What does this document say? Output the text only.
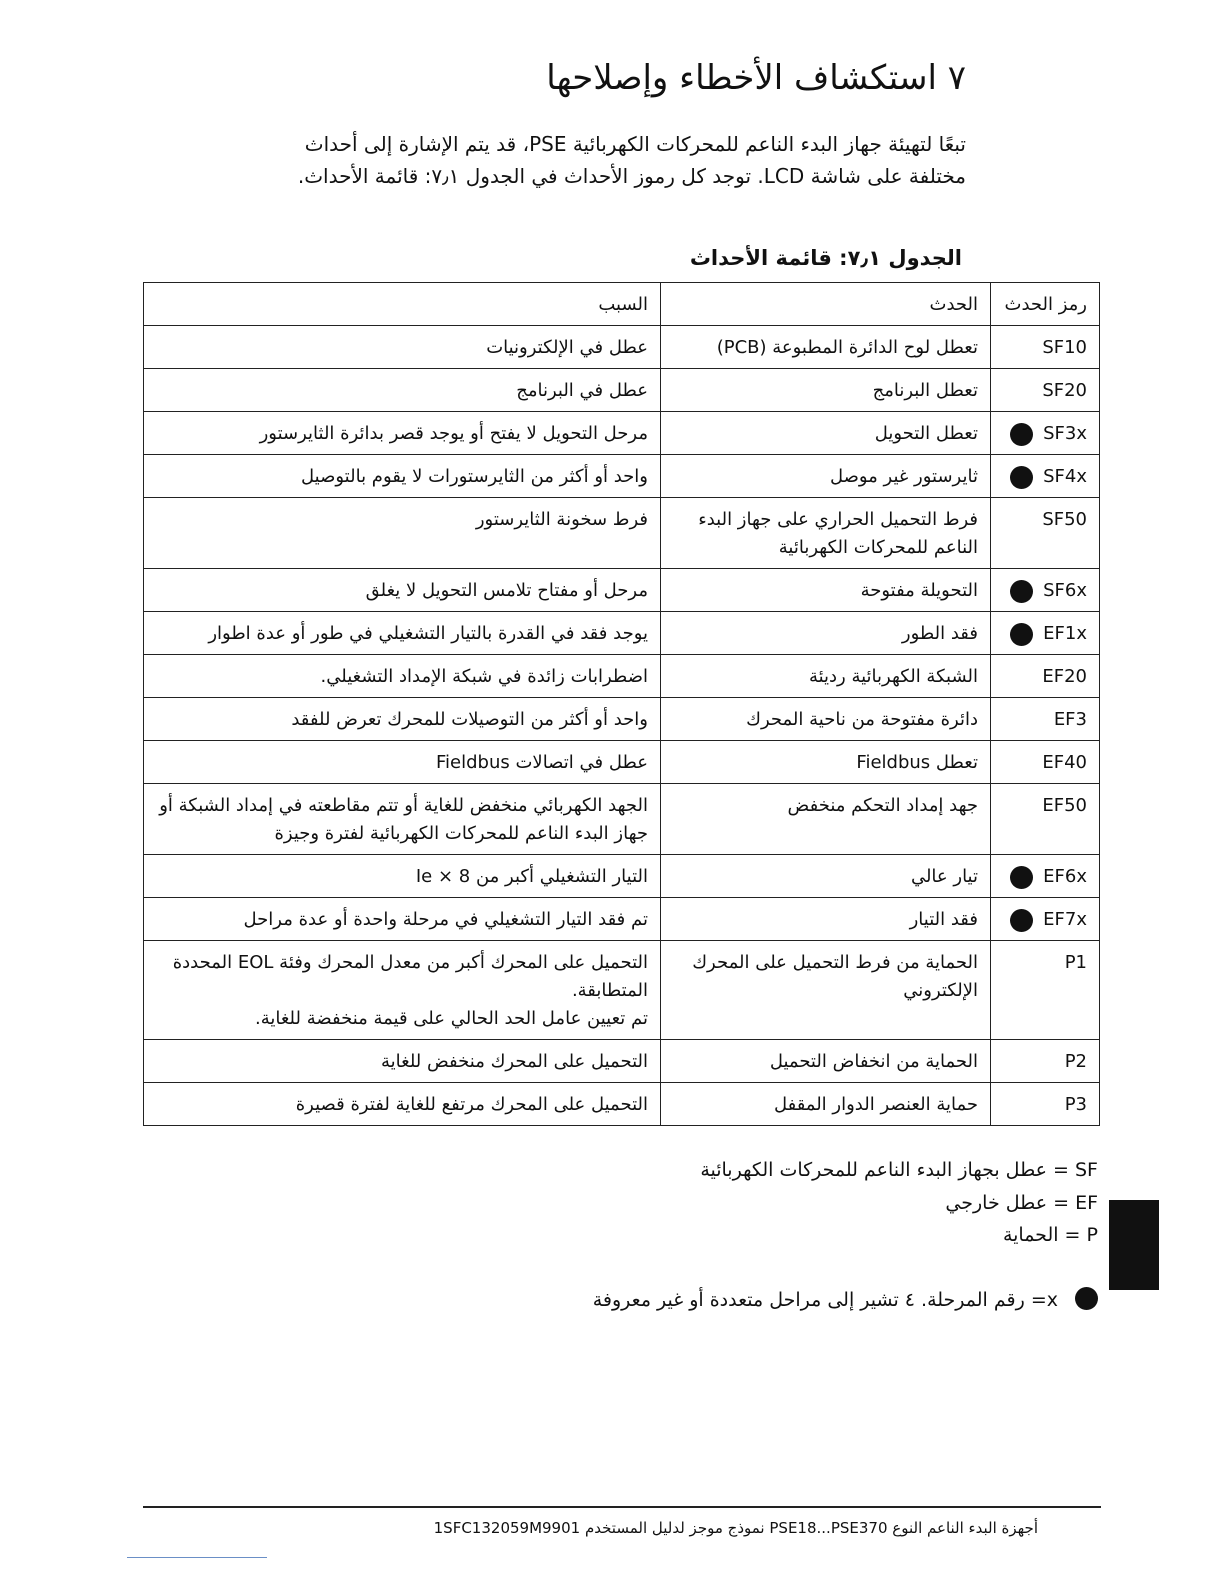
٧ استكشاف الأخطاء وإصلاحها
تبعًا لتهيئة جهاز البدء الناعم للمحركات الكهربائية PSE، قد يتم الإشارة إلى أحداث مختلفة على شاشة LCD. توجد كل رموز الأحداث في الجدول ٧٫١: قائمة الأحداث.
الجدول ٧٫١: قائمة الأحداث
رمز الحدث	الحدث	السبب
SF10	تعطل لوح الدائرة المطبوعة (PCB)	عطل في الإلكترونيات
SF20	تعطل البرنامج	عطل في البرنامج
SF3x	تعطل التحويل	مرحل التحويل لا يفتح أو يوجد قصر بدائرة الثايرستور
SF4x	ثايرستور غير موصل	واحد أو أكثر من الثايرستورات لا يقوم بالتوصيل
SF50	فرط التحميل الحراري على جهاز البدء الناعم للمحركات الكهربائية	فرط سخونة الثايرستور
SF6x	التحويلة مفتوحة	مرحل أو مفتاح تلامس التحويل لا يغلق
EF1x	فقد الطور	يوجد فقد في القدرة بالتيار التشغيلي في طور أو عدة اطوار
EF20	الشبكة الكهربائية رديئة	اضطرابات زائدة في شبكة الإمداد التشغيلي.
EF3	دائرة مفتوحة من ناحية المحرك	واحد أو أكثر من التوصيلات للمحرك تعرض للفقد
EF40	تعطل Fieldbus	عطل في اتصالات Fieldbus
EF50	جهد إمداد التحكم منخفض	الجهد الكهربائي منخفض للغاية أو تتم مقاطعته في إمداد الشبكة أو جهاز البدء الناعم للمحركات الكهربائية لفترة وجيزة
EF6x	تيار عالي	التيار التشغيلي أكبر من 8 × Ie
EF7x	فقد التيار	تم فقد التيار التشغيلي في مرحلة واحدة أو عدة مراحل
P1	الحماية من فرط التحميل على المحرك الإلكتروني	التحميل على المحرك أكبر من معدل المحرك وفئة EOL المحددة المتطابقة.
تم تعيين عامل الحد الحالي على قيمة منخفضة للغاية.
P2	الحماية من انخفاض التحميل	التحميل على المحرك منخفض للغاية
P3	حماية العنصر الدوار المقفل	التحميل على المحرك مرتفع للغاية لفترة قصيرة
SF = عطل بجهاز البدء الناعم للمحركات الكهربائية
EF = عطل خارجي
P = الحماية
x= رقم المرحلة. ٤ تشير إلى مراحل متعددة أو غير معروفة
أجهزة البدء الناعم النوع PSE18...PSE370 نموذج موجز لدليل المستخدم 1SFC132059M9901
